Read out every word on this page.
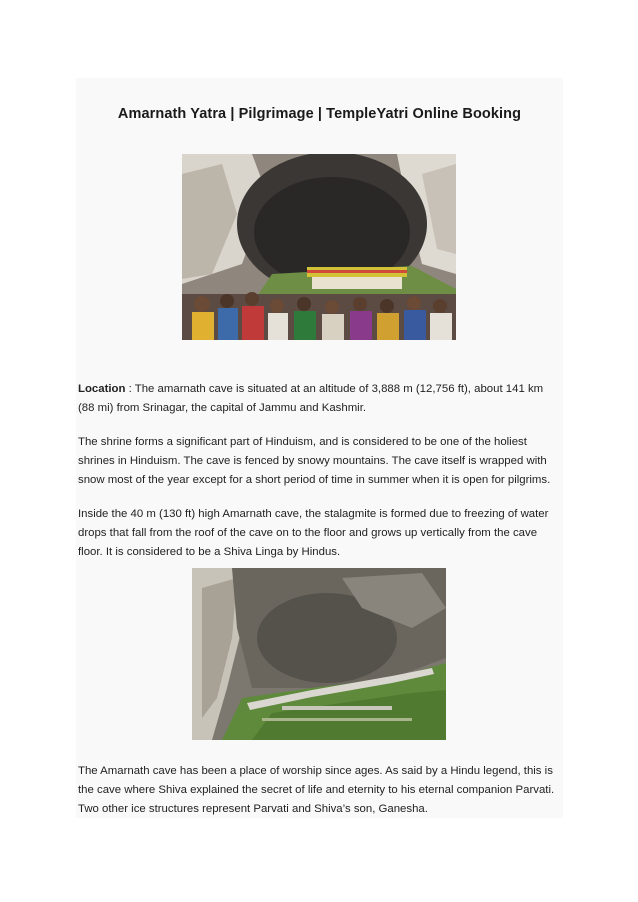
Amarnath Yatra | Pilgrimage | TempleYatri Online Booking

Location : The amarnath cave is situated at an altitude of 3,888 m (12,756 ft), about 141 km (88 mi) from Srinagar, the capital of Jammu and Kashmir.

The shrine forms a significant part of Hinduism, and is considered to be one of the holiest shrines in Hinduism. The cave is fenced by snowy mountains. The cave itself is wrapped with snow most of the year except for a short period of time in summer when it is open for pilgrims.

Inside the 40 m (130 ft) high Amarnath cave, the stalagmite is formed due to freezing of water drops that fall from the roof of the cave on to the floor and grows up vertically from the cave floor. It is considered to be a Shiva Linga by Hindus.

The Amarnath cave has been a place of worship since ages. As said by a Hindu legend, this is the cave where Shiva explained the secret of life and eternity to his eternal companion Parvati. Two other ice structures represent Parvati and Shiva’s son, Ganesha.
